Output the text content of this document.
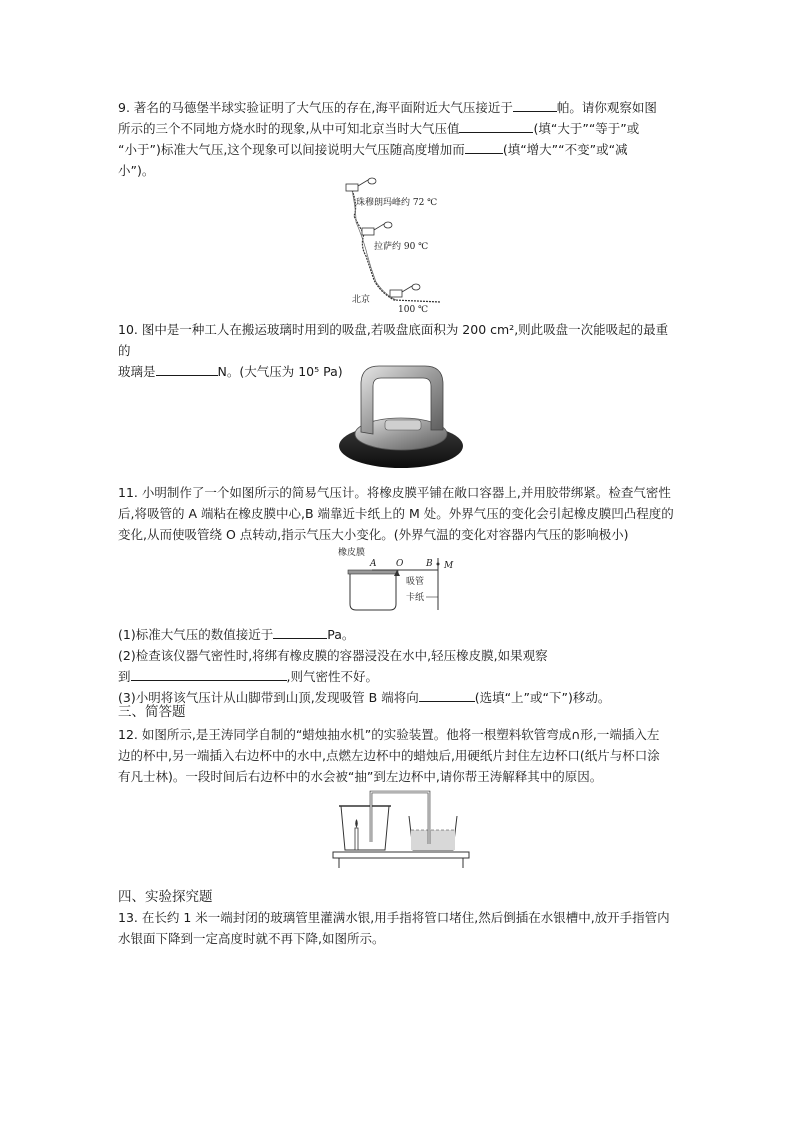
9. 著名的马德堡半球实验证明了大气压的存在,海平面附近大气压接近于	帕。请你观察如图

所示的三个不同地方烧水时的现象,从中可知北京当时大气压值	(填“大于”“等于”或

“小于”)标准大气压,这个现象可以间接说明大气压随高度增加而	(填“增大”“不变”或“减

小”)。

珠穆朗玛峰约 72 ℃
拉萨约 90 ℃
北京
100 ℃

10. 图中是一种工人在搬运玻璃时用到的吸盘,若吸盘底面积为 200 cm²,则此吸盘一次能吸起的最重的

玻璃是	N。(大气压为 10⁵ Pa)

11. 小明制作了一个如图所示的简易气压计。将橡皮膜平铺在敞口容器上,并用胶带绑紧。检查气密性

后,将吸管的 A 端粘在橡皮膜中心,B 端靠近卡纸上的 M 处。外界气压的变化会引起橡皮膜凹凸程度的

变化,从而使吸管绕 O 点转动,指示气压大小变化。(外界气温的变化对容器内气压的影响极小)

橡皮膜
A O	B M
吸管
卡纸

(1)标准大气压的数值接近于	Pa。

(2)检查该仪器气密性时,将绑有橡皮膜的容器浸没在水中,轻压橡皮膜,如果观察

到	,则气密性不好。

(3)小明将该气压计从山脚带到山顶,发现吸管 B 端将向	(选填“上”或“下”)移动。

三、简答题

12. 如图所示,是王涛同学自制的“蜡烛抽水机”的实验装置。他将一根塑料软管弯成∩形,一端插入左

边的杯中,另一端插入右边杯中的水中,点燃左边杯中的蜡烛后,用硬纸片封住左边杯口(纸片与杯口涂

有凡士林)。一段时间后右边杯中的水会被“抽”到左边杯中,请你帮王涛解释其中的原因。

四、实验探究题

13. 在长约 1 米一端封闭的玻璃管里灌满水银,用手指将管口堵住,然后倒插在水银槽中,放开手指管内

水银面下降到一定高度时就不再下降,如图所示。
